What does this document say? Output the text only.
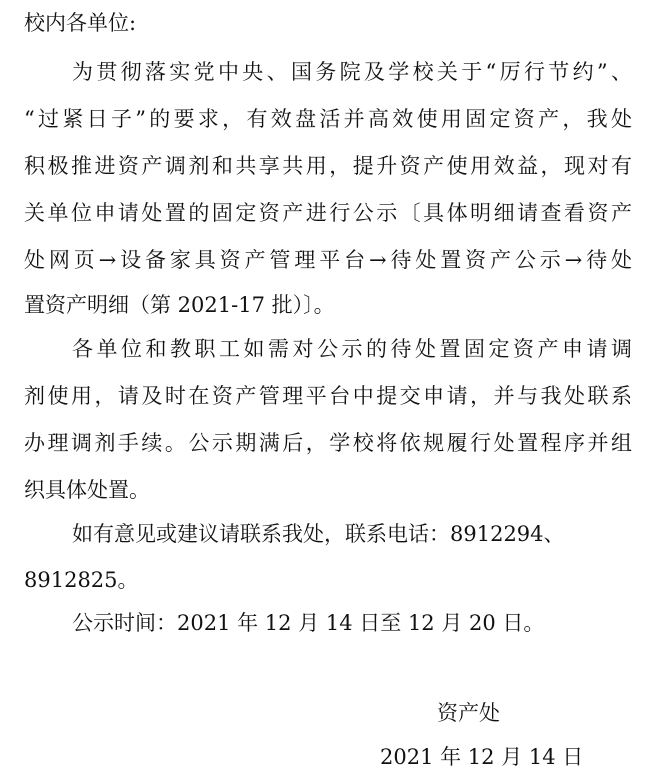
校内各单位:
为贯彻落实党中央、国务院及学校关于“厉行节约”、
“过紧日子”的要求，有效盘活并高效使用固定资产，我处
积极推进资产调剂和共享共用，提升资产使用效益，现对有
关单位申请处置的固定资产进行公示〔具体明细请查看资产
处网页→设备家具资产管理平台→待处置资产公示→待处
置资产明细（第 2021-17 批）〕。
各单位和教职工如需对公示的待处置固定资产申请调
剂使用，请及时在资产管理平台中提交申请，并与我处联系
办理调剂手续。公示期满后，学校将依规履行处置程序并组
织具体处置。
如有意见或建议请联系我处，联系电话：8912294、
8912825。
公示时间：2021 年 12 月 14 日至 12 月 20 日。
资产处
2021 年 12 月 14 日
